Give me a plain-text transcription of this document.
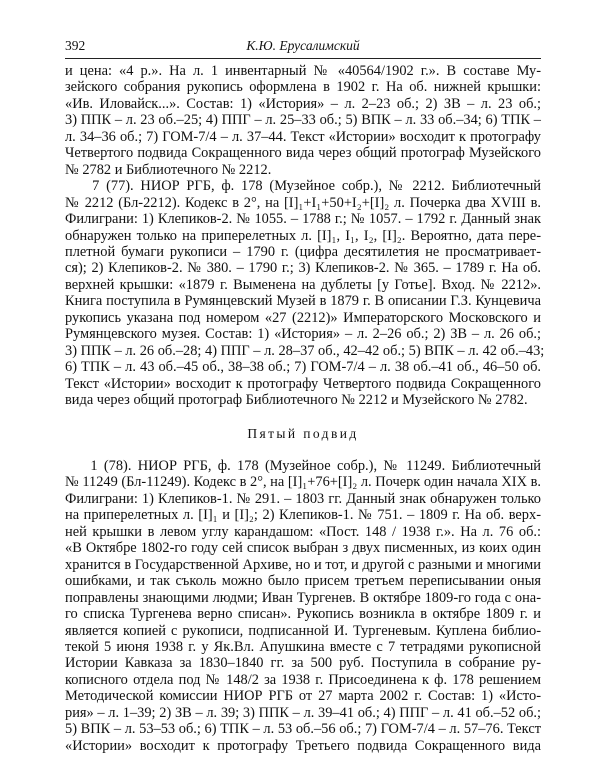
392	К.Ю. Ерусалимский
и цена: «4 р.». На л. 1 инвентарный № «40564/1902 г.». В составе Му-
зейского собрания рукопись оформлена в 1902 г. На об. нижней крышки:
«Ив. Иловайск...». Состав: 1) «История» – л. 2–23 об.; 2) ЗВ – л. 23 об.;
3) ППК – л. 23 об.–25; 4) ППГ – л. 25–33 об.; 5) ВПК – л. 33 об.–34; 6) ТПК –
л. 34–36 об.; 7) ГОМ-7/4 – л. 37–44. Текст «Истории» восходит к протографу
Четвертого подвида Сокращенного вида через общий протограф Музейского
№ 2782 и Библиотечного № 2212.
7 (77). НИОР РГБ, ф. 178 (Музейное собр.), № 2212. Библиотечный
№ 2212 (Бл-2212). Кодекс в 2°, на [I]₁+I₁+50+I₂+[I]₂ л. Почерка два XVIII в.
Филиграни: 1) Клепиков-2. № 1055. – 1788 г.; № 1057. – 1792 г. Данный знак
обнаружен только на приперелетных л. [I]₁, I₁, I₂, [I]₂. Вероятно, дата пере-
плетной бумаги рукописи – 1790 г. (цифра десятилетия не просматривает-
ся); 2) Клепиков-2. № 380. – 1790 г.; 3) Клепиков-2. № 365. – 1789 г. На об.
верхней крышки: «1879 г. Выменена на дублеты [у Готье]. Вход. № 2212».
Книга поступила в Румянцевский Музей в 1879 г. В описании Г.З. Кунцевича
рукопись указана под номером «27 (2212)» Императорского Московского и
Румянцевского музея. Состав: 1) «История» – л. 2–26 об.; 2) ЗВ – л. 26 об.;
3) ППК – л. 26 об.–28; 4) ППГ – л. 28–37 об., 42–42 об.; 5) ВПК – л. 42 об.–43;
6) ТПК – л. 43 об.–45 об., 38–38 об.; 7) ГОМ-7/4 – л. 38 об.–41 об., 46–50 об.
Текст «Истории» восходит к протографу Четвертого подвида Сокращенного
вида через общий протограф Библиотечного № 2212 и Музейского № 2782.
Пятый подвид
1 (78). НИОР РГБ, ф. 178 (Музейное собр.), № 11249. Библиотечный
№ 11249 (Бл-11249). Кодекс в 2°, на [I]₁+76+[I]₂ л. Почерк один начала XIX в.
Филиграни: 1) Клепиков-1. № 291. – 1803 гг. Данный знак обнаружен только
на приперелетных л. [I]₁ и [I]₂; 2) Клепиков-1. № 751. – 1809 г. На об. верх-
ней крышки в левом углу карандашом: «Пост. 148 / 1938 г.». На л. 76 об.:
«В Октябре 1802-го году сей список выбран з двух писменных, из коих один
хранится в Государственной Архиве, но и тот, и другой с разными и многими
ошибками, и так съколь можно было присем третъем переписывании оныя
поправлены знающими людми; Иван Тургенев. В октябре 1809-го года с она-
го списка Тургенева верно списан». Рукопись возникла в октябре 1809 г. и
является копией с рукописи, подписанной И. Тургеневым. Куплена библио-
текой 5 июня 1938 г. у Як.Вл. Апушкина вместе с 7 тетрадями рукописной
Истории Кавказа за 1830–1840 гг. за 500 руб. Поступила в собрание ру-
кописного отдела под № 148/2 за 1938 г. Присоединена к ф. 178 решением
Методической комиссии НИОР РГБ от 27 марта 2002 г. Состав: 1) «Исто-
рия» – л. 1–39; 2) ЗВ – л. 39; 3) ППК – л. 39–41 об.; 4) ППГ – л. 41 об.–52 об.;
5) ВПК – л. 53–53 об.; 6) ТПК – л. 53 об.–56 об.; 7) ГОМ-7/4 – л. 57–76. Текст
«Истории» восходит к протографу Третьего подвида Сокращенного вида
